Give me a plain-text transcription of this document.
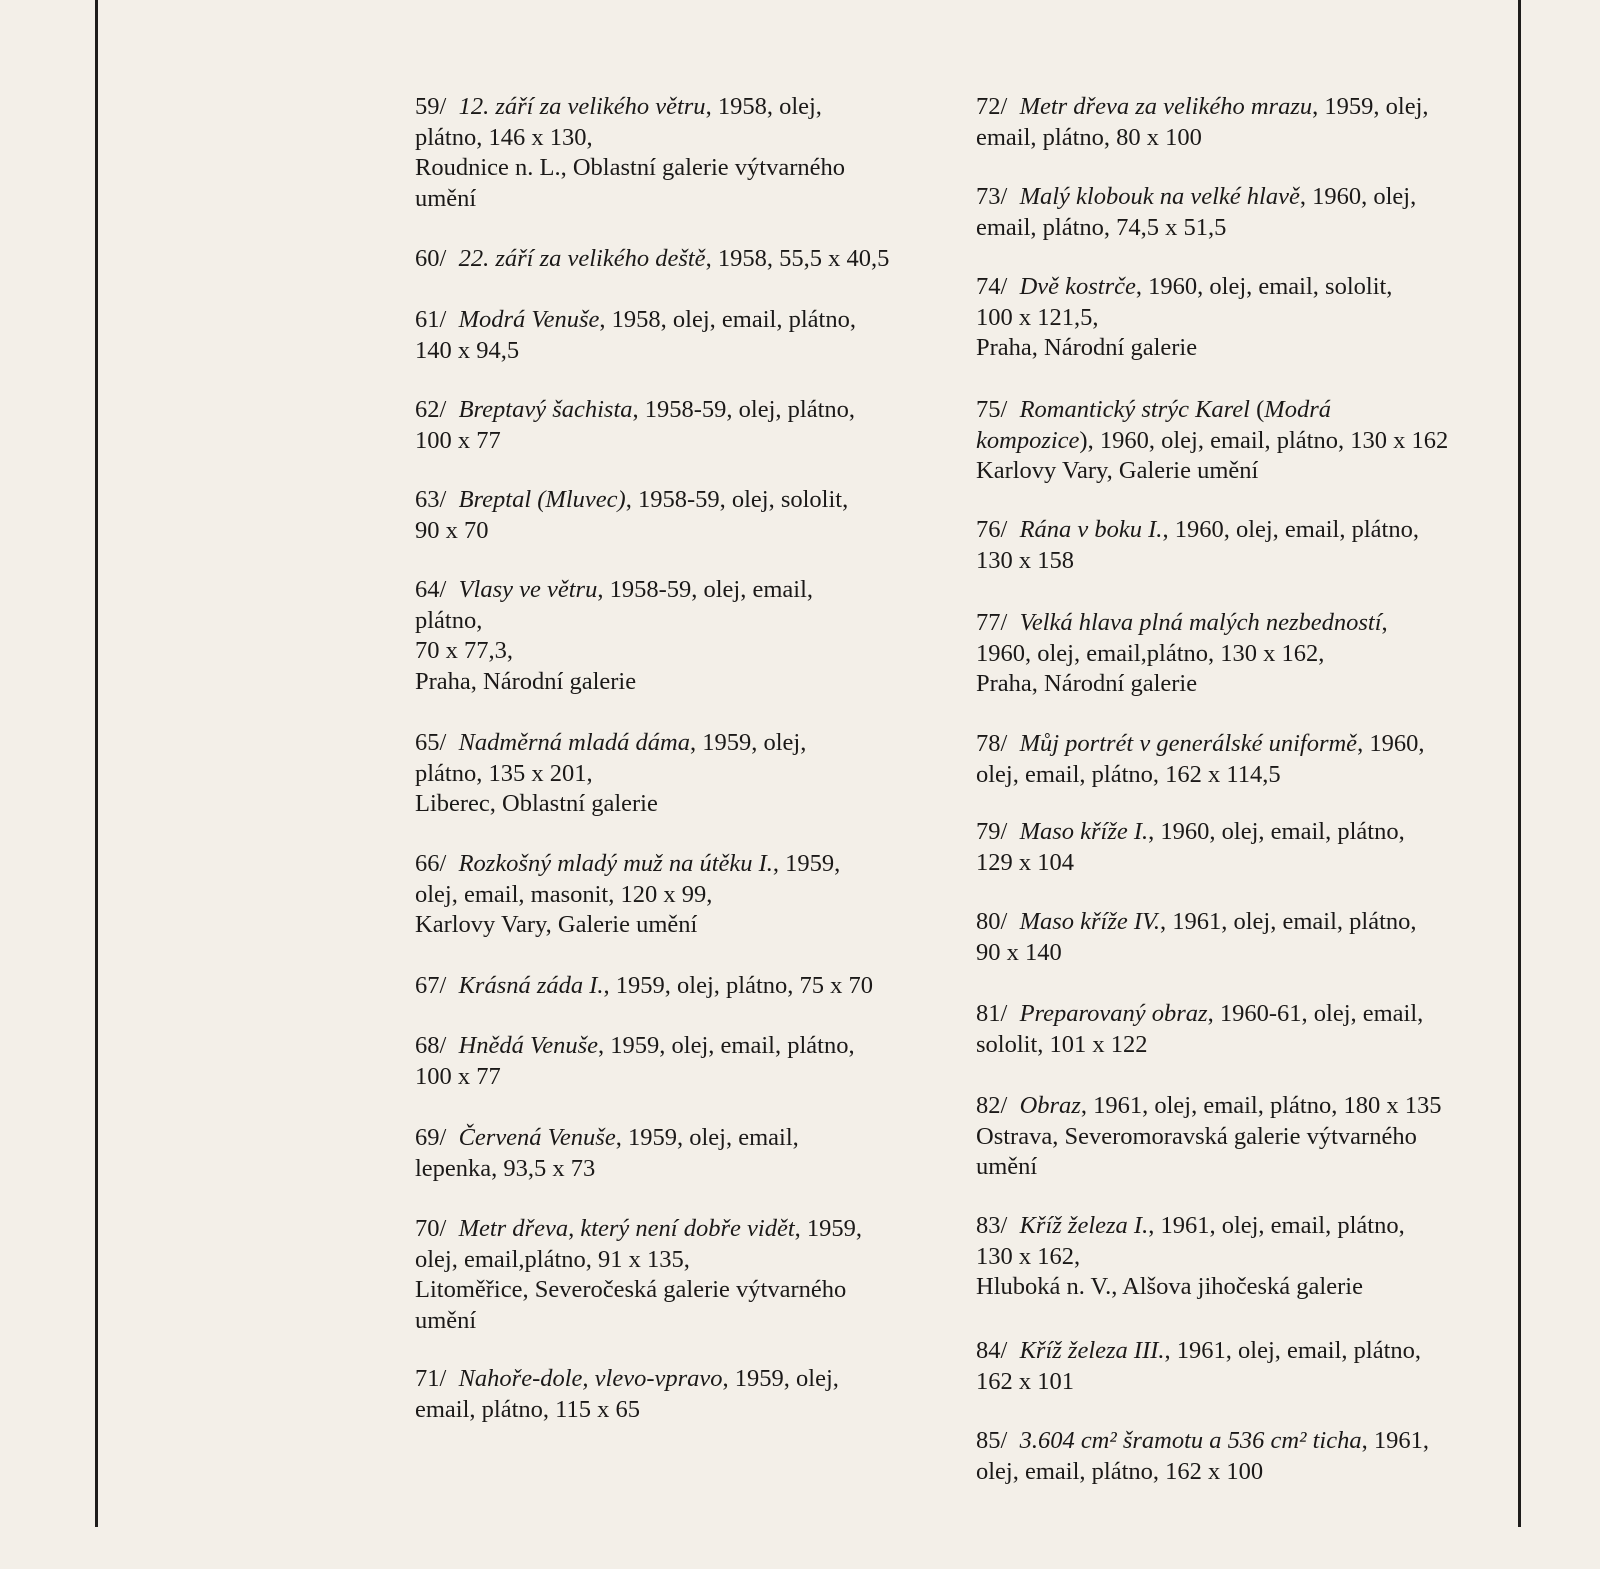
59/ 12. září za velikého větru, 1958, olej,
plátno, 146 x 130,
Roudnice n. L., Oblastní galerie výtvarného
umění
60/ 22. září za velikého deště, 1958, 55,5 x 40,5
61/ Modrá Venuše, 1958, olej, email, plátno,
140 x 94,5
62/ Breptavý šachista, 1958-59, olej, plátno,
100 x 77
63/ Breptal (Mluvec), 1958-59, olej, sololit,
90 x 70
64/ Vlasy ve větru, 1958-59, olej, email,
plátno,
70 x 77,3,
Praha, Národní galerie
65/ Nadměrná mladá dáma, 1959, olej,
plátno, 135 x 201,
Liberec, Oblastní galerie
66/ Rozkošný mladý muž na útěku I., 1959,
olej, email, masonit, 120 x 99,
Karlovy Vary, Galerie umění
67/ Krásná záda I., 1959, olej, plátno, 75 x 70
68/ Hnědá Venuše, 1959, olej, email, plátno,
100 x 77
69/ Červená Venuše, 1959, olej, email,
lepenka, 93,5 x 73
70/ Metr dřeva, který není dobře vidět, 1959,
olej, email,plátno, 91 x 135,
Litoměřice, Severočeská galerie výtvarného
umění
71/ Nahoře-dole, vlevo-vpravo, 1959, olej,
email, plátno, 115 x 65
72/ Metr dřeva za velikého mrazu, 1959, olej,
email, plátno, 80 x 100
73/ Malý klobouk na velké hlavě, 1960, olej,
email, plátno, 74,5 x 51,5
74/ Dvě kostrče, 1960, olej, email, sololit,
100 x 121,5,
Praha, Národní galerie
75/ Romantický strýc Karel (Modrá
kompozice), 1960, olej, email, plátno, 130 x 162
Karlovy Vary, Galerie umění
76/ Rána v boku I., 1960, olej, email, plátno,
130 x 158
77/ Velká hlava plná malých nezbedností,
1960, olej, email,plátno, 130 x 162,
Praha, Národní galerie
78/ Můj portrét v generálské uniformě, 1960,
olej, email, plátno, 162 x 114,5
79/ Maso kříže I., 1960, olej, email, plátno,
129 x 104
80/ Maso kříže IV., 1961, olej, email, plátno,
90 x 140
81/ Preparovaný obraz, 1960-61, olej, email,
sololit, 101 x 122
82/ Obraz, 1961, olej, email, plátno, 180 x 135
Ostrava, Severomoravská galerie výtvarného
umění
83/ Kříž železa I., 1961, olej, email, plátno,
130 x 162,
Hluboká n. V., Alšova jihočeská galerie
84/ Kříž železa III., 1961, olej, email, plátno,
162 x 101
85/ 3.604 cm² šramotu a 536 cm² ticha, 1961,
olej, email, plátno, 162 x 100
